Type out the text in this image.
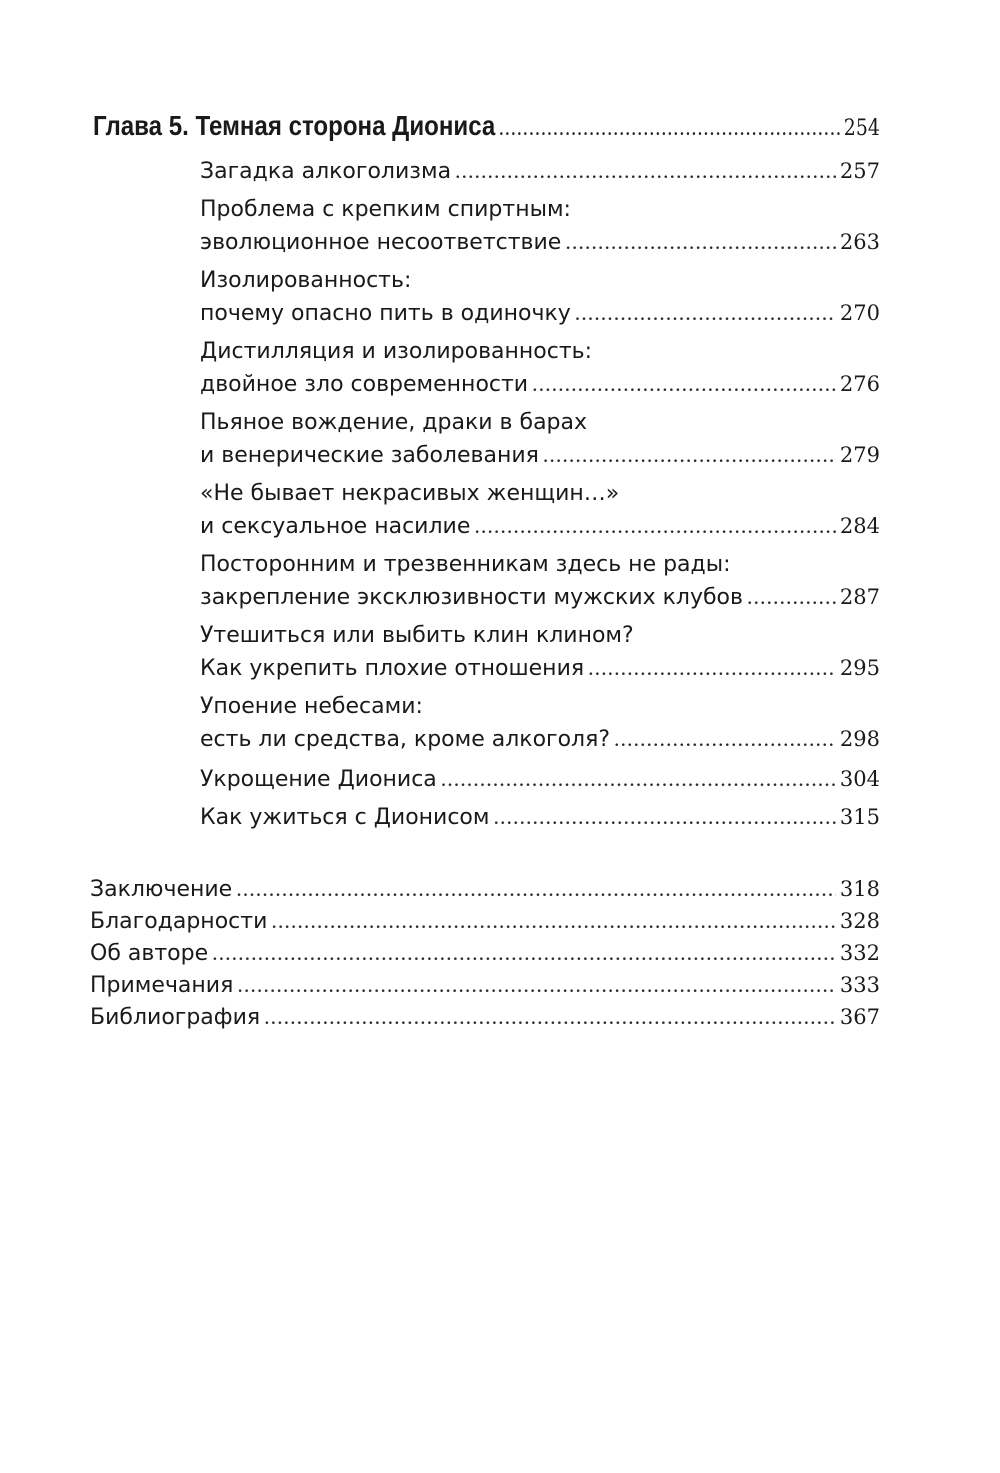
Глава 5.
Темная сторона Диониса .....	254
Загадка алкоголизма .....	257
Проблема с крепким спиртным:
эволюционное несоответствие .....	263
Изолированность:
почему опасно пить в одиночку .....	270
Дистилляция и изолированность:
двойное зло современности .....	276
Пьяное вождение, драки в барах
и венерические заболевания .....	279
«Не бывает некрасивых женщин…»
и сексуальное насилие .....	284
Посторонним и трезвенникам здесь не рады:
закрепление эксклюзивности мужских клубов .....	287
Утешиться или выбить клин клином?
Как укрепить плохие отношения .....	295
Упоение небесами:
есть ли средства, кроме алкоголя? .....	298
Укрощение Диониса .....	304
Как ужиться с Дионисом .....	315
Заключение .....	318
Благодарности .....	328
Об авторе .....	332
Примечания .....	333
Библиография .....	367
